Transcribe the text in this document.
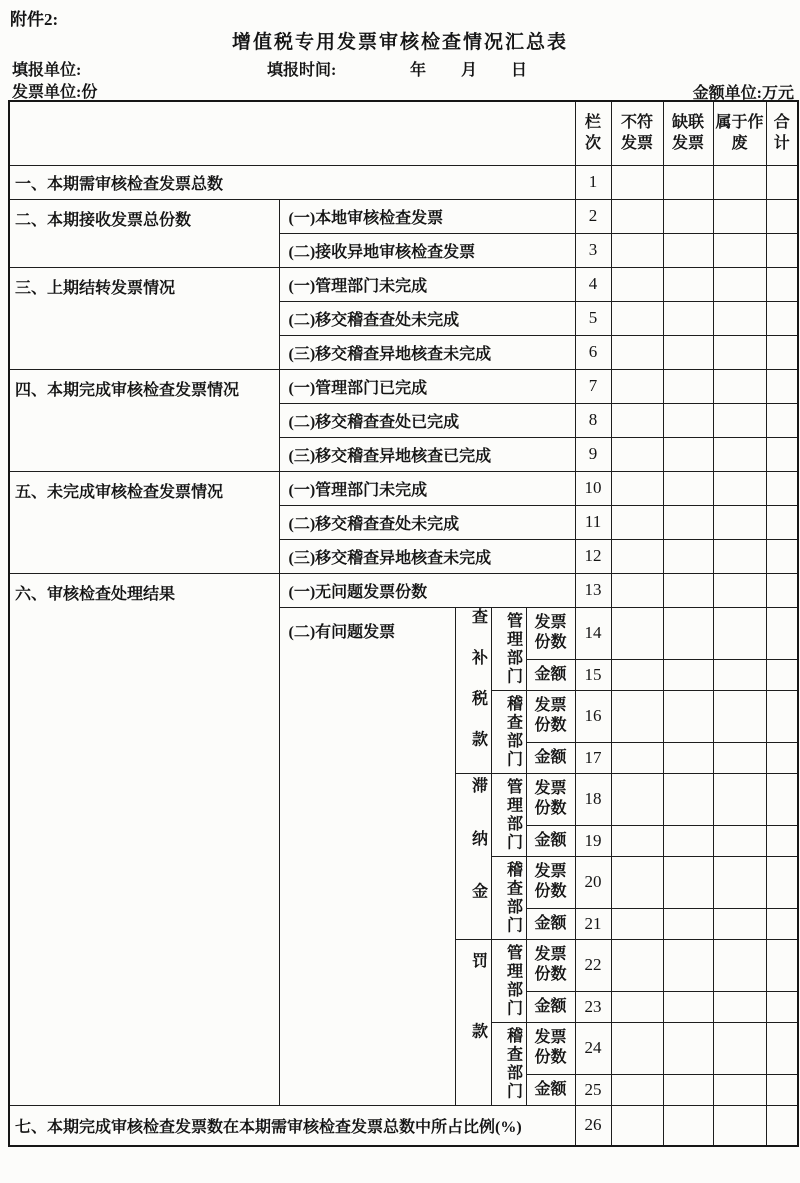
附件2:
增值税专用发票审核检查情况汇总表
填报单位:	填报时间:	年 月 日
发票单位:份	金额单位:万元
					栏次	不符发票	缺联发票	属于作废	合计
一、本期需审核检查发票总数					1				
二、本期接收发票总份数	(一)本地审核检查发票				2				
	(二)接收异地审核检查发票				3				
三、上期结转发票情况	(一)管理部门未完成				4				
	(二)移交稽查查处未完成				5				
	(三)移交稽查异地核查未完成				6				
四、本期完成审核检查发票情况	(一)管理部门已完成				7				
	(二)移交稽查查处已完成				8				
	(三)移交稽查异地核查已完成				9				
五、未完成审核检查发票情况	(一)管理部门未完成				10				
	(二)移交稽查查处未完成				11				
	(三)移交稽查异地核查未完成				12				
六、审核检查处理结果	(一)无问题发票份数				13				
	(二)有问题发票	查补税款	管理部门	发票份数	14				
				金额	15				
			稽查部门	发票份数	16				
				金额	17				
		滞纳金	管理部门	发票份数	18				
				金额	19				
			稽查部门	发票份数	20				
				金额	21				
		罚款	管理部门	发票份数	22				
				金额	23				
			稽查部门	发票份数	24				
				金额	25				
七、本期完成审核检查发票数在本期需审核检查发票总数中所占比例(%)					26				
